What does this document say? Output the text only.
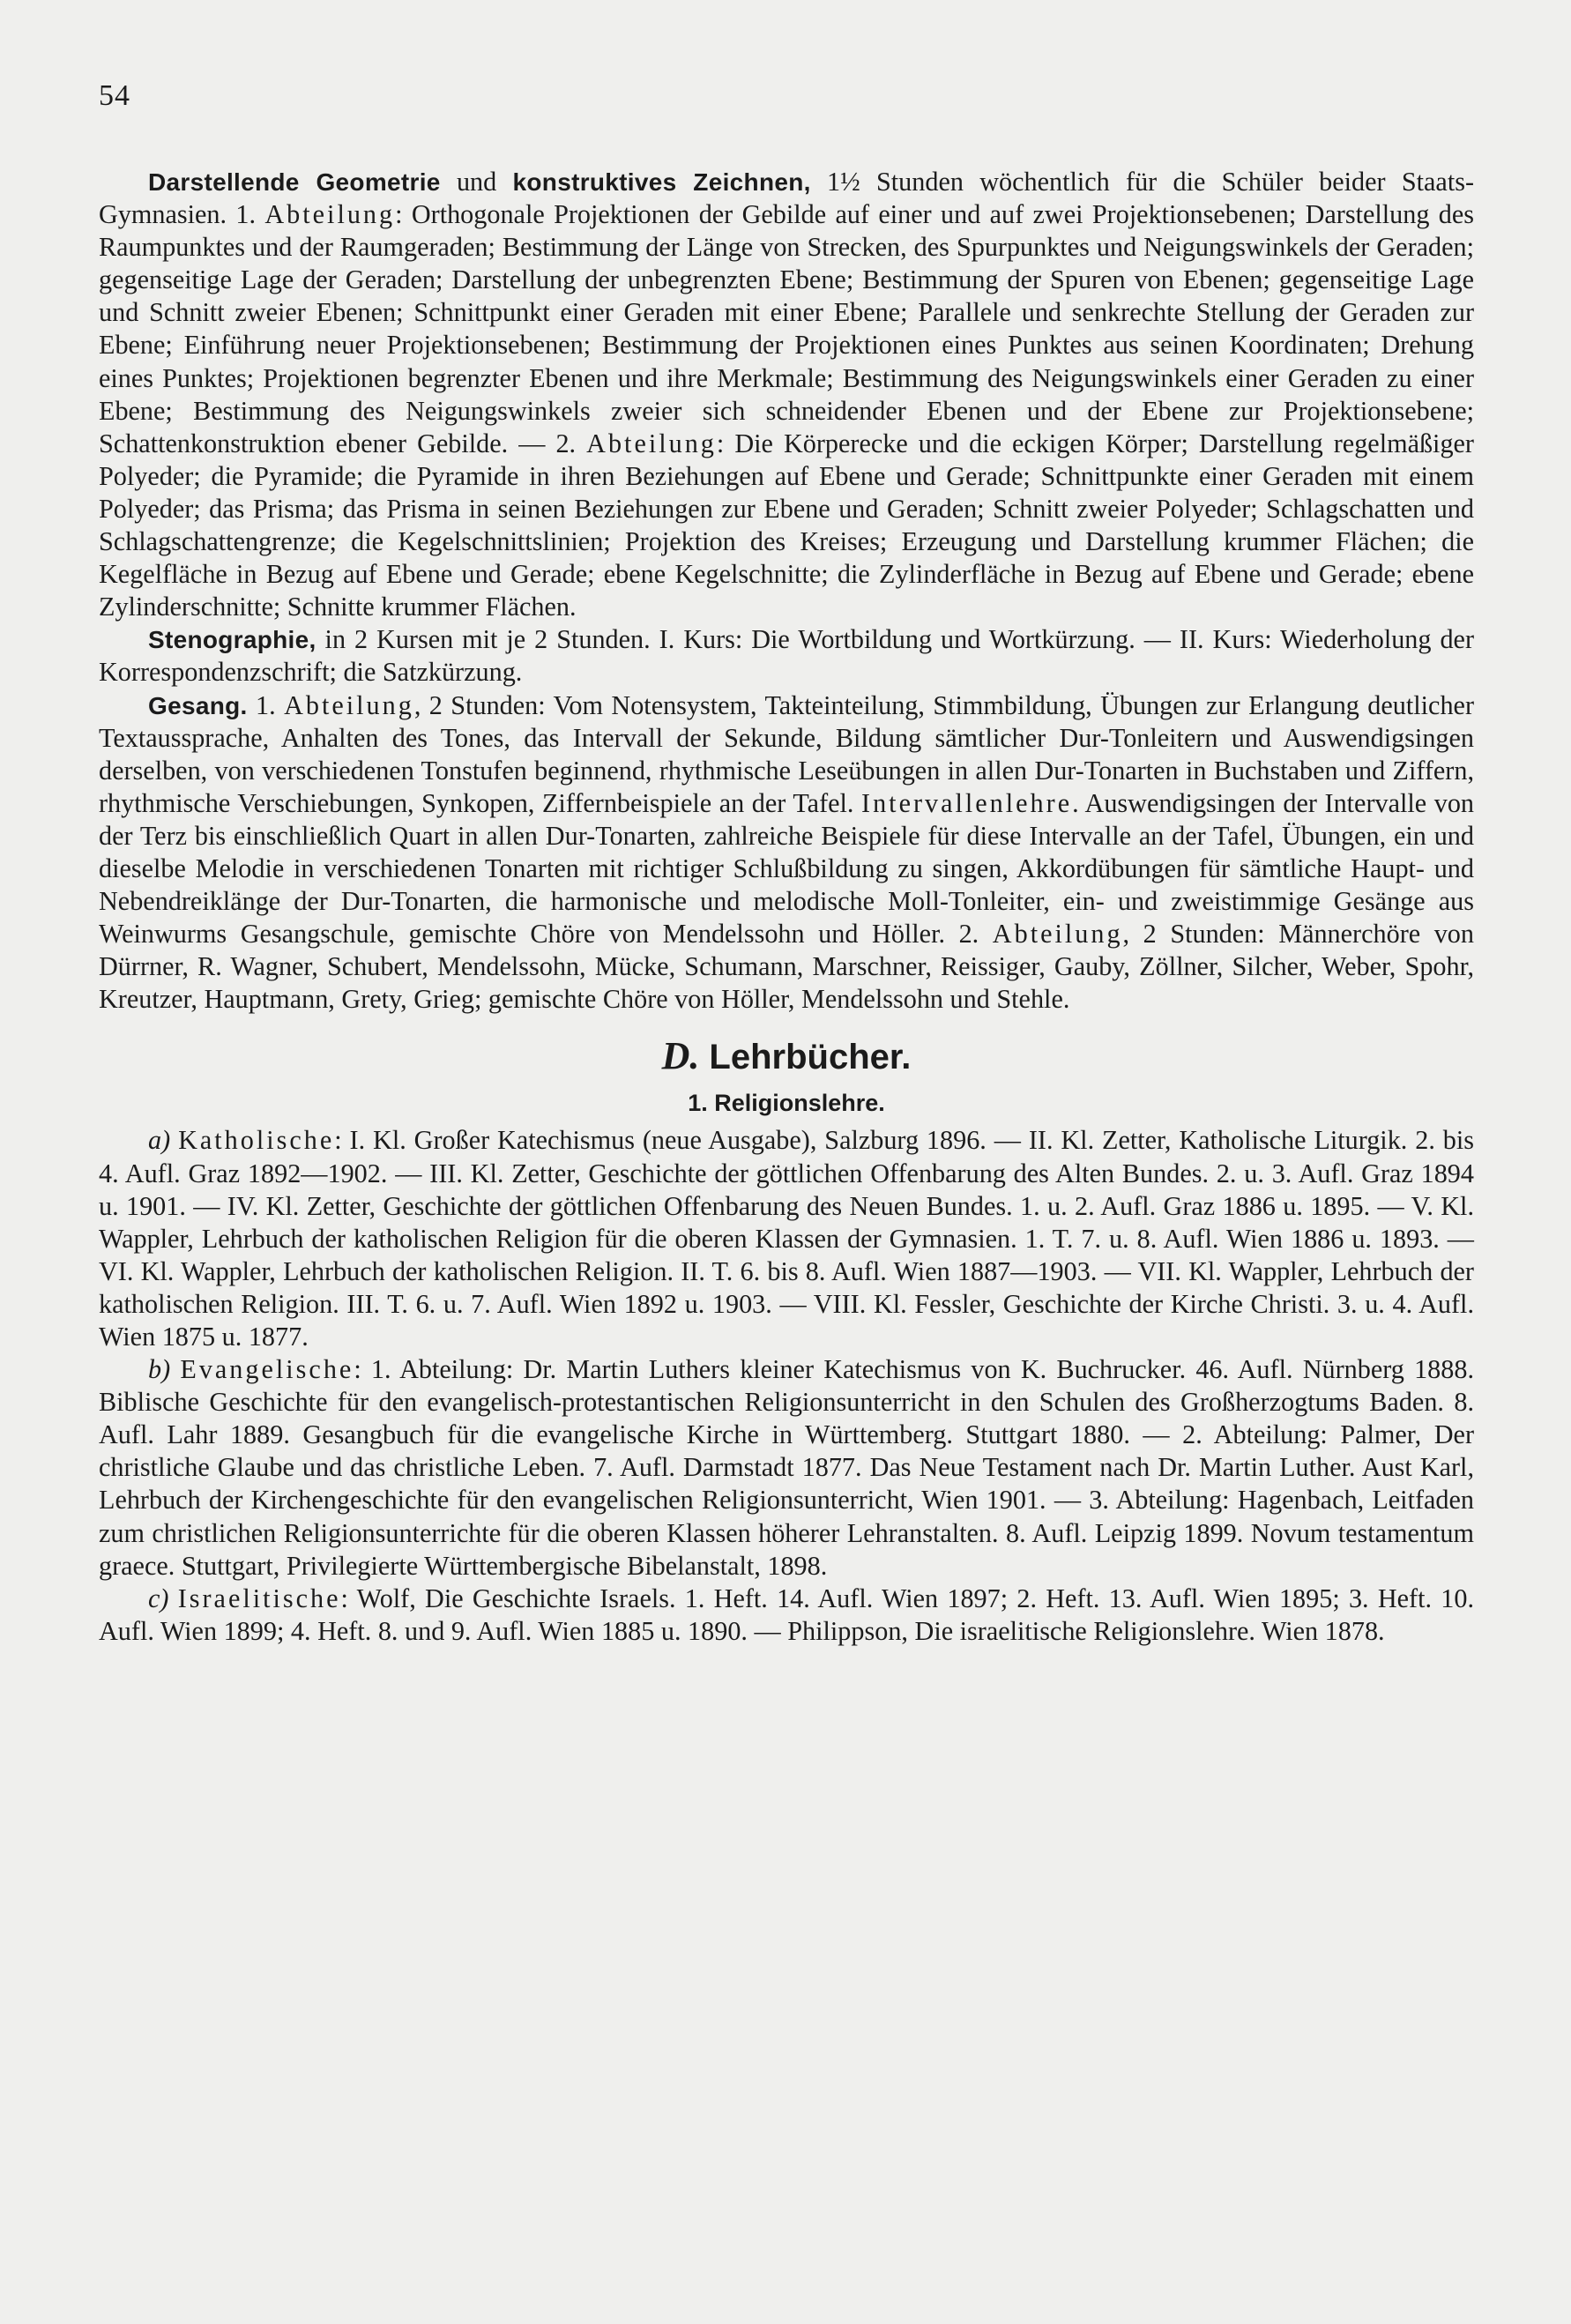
54

Darstellende Geometrie und konstruktives Zeichnen, 1½ Stunden wöchentlich für die Schüler beider Staats-Gymnasien. 1. Abteilung: Orthogonale Projektionen der Gebilde auf einer und auf zwei Projektionsebenen; Darstellung des Raumpunktes und der Raumgeraden; Bestimmung der Länge von Strecken, des Spurpunktes und Neigungswinkels der Geraden; gegenseitige Lage der Geraden; Darstellung der unbegrenzten Ebene; Bestimmung der Spuren von Ebenen; gegenseitige Lage und Schnitt zweier Ebenen; Schnittpunkt einer Geraden mit einer Ebene; Parallele und senkrechte Stellung der Geraden zur Ebene; Einführung neuer Projektionsebenen; Bestimmung der Projektionen eines Punktes aus seinen Koordinaten; Drehung eines Punktes; Projektionen begrenzter Ebenen und ihre Merkmale; Bestimmung des Neigungswinkels einer Geraden zu einer Ebene; Bestimmung des Neigungswinkels zweier sich schneidender Ebenen und der Ebene zur Projektionsebene; Schattenkonstruktion ebener Gebilde. — 2. Abteilung: Die Körperecke und die eckigen Körper; Darstellung regelmäßiger Polyeder; die Pyramide; die Pyramide in ihren Beziehungen auf Ebene und Gerade; Schnittpunkte einer Geraden mit einem Polyeder; das Prisma; das Prisma in seinen Beziehungen zur Ebene und Geraden; Schnitt zweier Polyeder; Schlagschatten und Schlagschattengrenze; die Kegelschnittslinien; Projektion des Kreises; Erzeugung und Darstellung krummer Flächen; die Kegelfläche in Bezug auf Ebene und Gerade; ebene Kegelschnitte; die Zylinderfläche in Bezug auf Ebene und Gerade; ebene Zylinderschnitte; Schnitte krummer Flächen.

Stenographie, in 2 Kursen mit je 2 Stunden. I. Kurs: Die Wortbildung und Wortkürzung. — II. Kurs: Wiederholung der Korrespondenzschrift; die Satzkürzung.

Gesang. 1. Abteilung, 2 Stunden: Vom Notensystem, Takteinteilung, Stimmbildung, Übungen zur Erlangung deutlicher Textaussprache, Anhalten des Tones, das Intervall der Sekunde, Bildung sämtlicher Dur-Tonleitern und Auswendigsingen derselben, von verschiedenen Tonstufen beginnend, rhythmische Leseübungen in allen Dur-Tonarten in Buchstaben und Ziffern, rhythmische Verschiebungen, Synkopen, Ziffernbeispiele an der Tafel. Intervallenlehre. Auswendigsingen der Intervalle von der Terz bis einschließlich Quart in allen Dur-Tonarten, zahlreiche Beispiele für diese Intervalle an der Tafel, Übungen, ein und dieselbe Melodie in verschiedenen Tonarten mit richtiger Schlußbildung zu singen, Akkordübungen für sämtliche Haupt- und Nebendreiklänge der Dur-Tonarten, die harmonische und melodische Moll-Tonleiter, ein- und zweistimmige Gesänge aus Weinwurms Gesangschule, gemischte Chöre von Mendelssohn und Höller. 2. Abteilung, 2 Stunden: Männerchöre von Dürrner, R. Wagner, Schubert, Mendelssohn, Mücke, Schumann, Marschner, Reissiger, Gauby, Zöllner, Silcher, Weber, Spohr, Kreutzer, Hauptmann, Grety, Grieg; gemischte Chöre von Höller, Mendelssohn und Stehle.

D. Lehrbücher.
1. Religionslehre.

a) Katholische: I. Kl. Großer Katechismus (neue Ausgabe), Salzburg 1896. — II. Kl. Zetter, Katholische Liturgik. 2. bis 4. Aufl. Graz 1892—1902. — III. Kl. Zetter, Geschichte der göttlichen Offenbarung des Alten Bundes. 2. u. 3. Aufl. Graz 1894 u. 1901. — IV. Kl. Zetter, Geschichte der göttlichen Offenbarung des Neuen Bundes. 1. u. 2. Aufl. Graz 1886 u. 1895. — V. Kl. Wappler, Lehrbuch der katholischen Religion für die oberen Klassen der Gymnasien. 1. T. 7. u. 8. Aufl. Wien 1886 u. 1893. — VI. Kl. Wappler, Lehrbuch der katholischen Religion. II. T. 6. bis 8. Aufl. Wien 1887—1903. — VII. Kl. Wappler, Lehrbuch der katholischen Religion. III. T. 6. u. 7. Aufl. Wien 1892 u. 1903. — VIII. Kl. Fessler, Geschichte der Kirche Christi. 3. u. 4. Aufl. Wien 1875 u. 1877.

b) Evangelische: 1. Abteilung: Dr. Martin Luthers kleiner Katechismus von K. Buchrucker. 46. Aufl. Nürnberg 1888. Biblische Geschichte für den evangelisch-protestantischen Religionsunterricht in den Schulen des Großherzogtums Baden. 8. Aufl. Lahr 1889. Gesangbuch für die evangelische Kirche in Württemberg. Stuttgart 1880. — 2. Abteilung: Palmer, Der christliche Glaube und das christliche Leben. 7. Aufl. Darmstadt 1877. Das Neue Testament nach Dr. Martin Luther. Aust Karl, Lehrbuch der Kirchengeschichte für den evangelischen Religionsunterricht, Wien 1901. — 3. Abteilung: Hagenbach, Leitfaden zum christlichen Religionsunterrichte für die oberen Klassen höherer Lehranstalten. 8. Aufl. Leipzig 1899. Novum testamentum graece. Stuttgart, Privilegierte Württembergische Bibelanstalt, 1898.

c) Israelitische: Wolf, Die Geschichte Israels. 1. Heft. 14. Aufl. Wien 1897; 2. Heft. 13. Aufl. Wien 1895; 3. Heft. 10. Aufl. Wien 1899; 4. Heft. 8. und 9. Aufl. Wien 1885 u. 1890. — Philippson, Die israelitische Religionslehre. Wien 1878.
